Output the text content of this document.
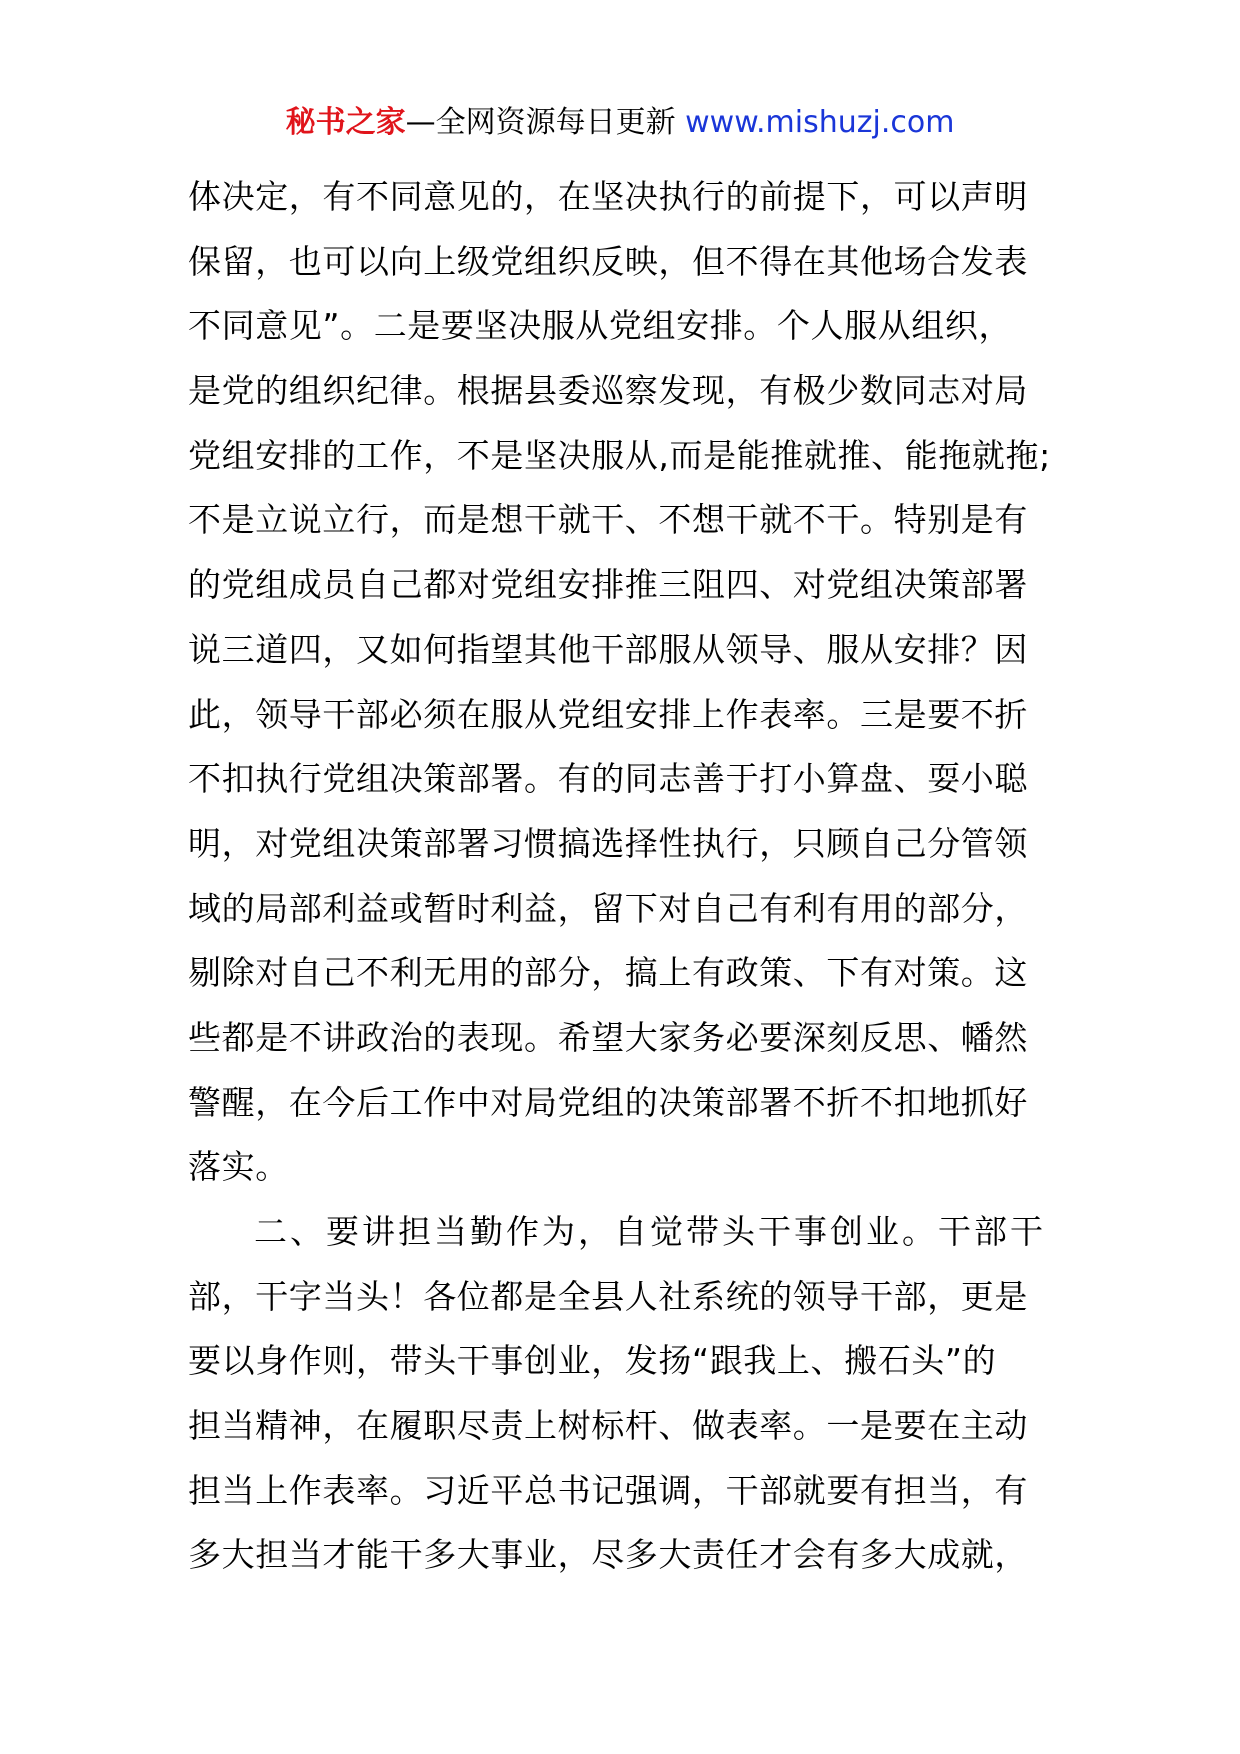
秘书之家—全网资源每日更新 www.mishuzj.com
体决定，有不同意见的，在坚决执行的前提下，可以声明
保留，也可以向上级党组织反映，但不得在其他场合发表
不同意见”。二是要坚决服从党组安排。个人服从组织，
是党的组织纪律。根据县委巡察发现，有极少数同志对局
党组安排的工作，不是坚决服从,而是能推就推、能拖就拖;
不是立说立行，而是想干就干、不想干就不干。特别是有
的党组成员自己都对党组安排推三阻四、对党组决策部署
说三道四，又如何指望其他干部服从领导、服从安排？因
此，领导干部必须在服从党组安排上作表率。三是要不折
不扣执行党组决策部署。有的同志善于打小算盘、耍小聪
明，对党组决策部署习惯搞选择性执行，只顾自己分管领
域的局部利益或暂时利益，留下对自己有利有用的部分，
剔除对自己不利无用的部分，搞上有政策、下有对策。这
些都是不讲政治的表现。希望大家务必要深刻反思、幡然
警醒，在今后工作中对局党组的决策部署不折不扣地抓好
落实。
二、要讲担当勤作为，自觉带头干事创业。干部干
部，干字当头！各位都是全县人社系统的领导干部，更是
要以身作则，带头干事创业，发扬“跟我上、搬石头”的
担当精神，在履职尽责上树标杆、做表率。一是要在主动
担当上作表率。习近平总书记强调，干部就要有担当，有
多大担当才能干多大事业，尽多大责任才会有多大成就，
